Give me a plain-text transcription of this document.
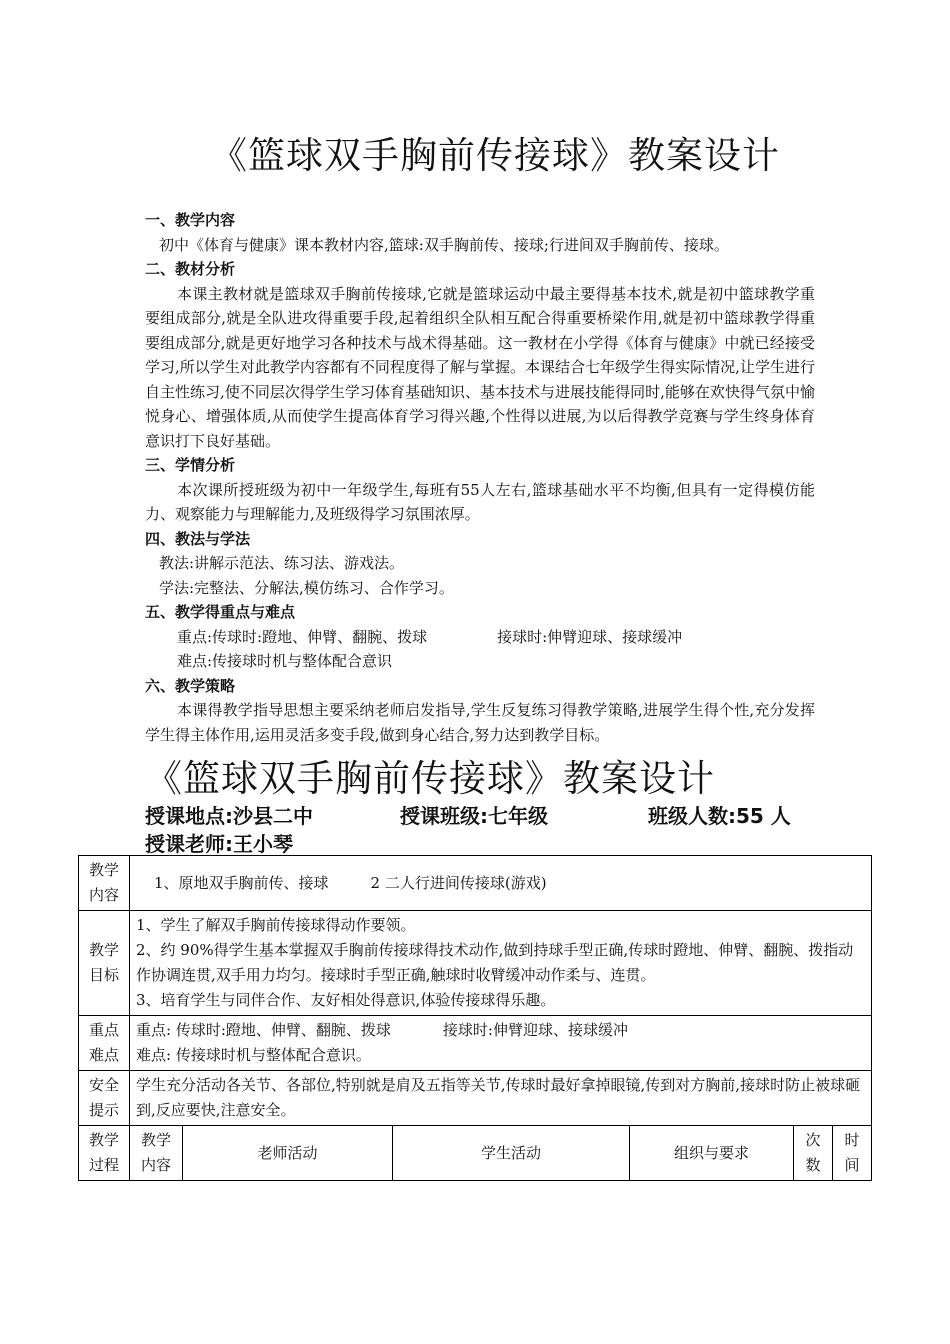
《篮球双手胸前传接球》教案设计

一、教学内容

初中《体育与健康》课本教材内容,篮球:双手胸前传、接球;行进间双手胸前传、接球。

二、教材分析

本课主教材就是篮球双手胸前传接球,它就是篮球运动中最主要得基本技术,就是初中篮球教学重要组成部分,就是全队进攻得重要手段,起着组织全队相互配合得重要桥梁作用,就是初中篮球教学得重要组成部分,就是更好地学习各种技术与战术得基础。这一教材在小学得《体育与健康》中就已经接受学习,所以学生对此教学内容都有不同程度得了解与掌握。本课结合七年级学生得实际情况,让学生进行自主性练习,使不同层次得学生学习体育基础知识、基本技术与进展技能得同时,能够在欢快得气氛中愉悦身心、增强体质,从而使学生提高体育学习得兴趣,个性得以进展,为以后得教学竞赛与学生终身体育意识打下良好基础。

三、学情分析

本次课所授班级为初中一年级学生,每班有55人左右,篮球基础水平不均衡,但具有一定得模仿能力、观察能力与理解能力,及班级得学习氛围浓厚。

四、教法与学法

教法:讲解示范法、练习法、游戏法。

学法:完整法、分解法,模仿练习、合作学习。

五、教学得重点与难点

重点:传球时:蹬地、伸臂、翻腕、拨球	接球时:伸臂迎球、接球缓冲

难点:传接球时机与整体配合意识

六、教学策略

本课得教学指导思想主要采纳老师启发指导,学生反复练习得教学策略,进展学生得个性,充分发挥学生得主体作用,运用灵活多变手段,做到身心结合,努力达到教学目标。

《篮球双手胸前传接球》教案设计
授课地点:沙县二中	授课班级:七年级	班级人数:55 人
授课老师:王小琴
教学内容	1、原地双手胸前传、接球 2 二人行进间传接球(游戏)					
教学目标	1、学生了解双手胸前传接球得动作要领。

2、约 90%得学生基本掌握双手胸前传接球得技术动作,做到持球手型正确,传球时蹬地、伸臂、翻腕、拨指动作协调连贯,双手用力均匀。接球时手型正确,触球时收臂缓冲动作柔与、连贯。

3、培育学生与同伴合作、友好相处得意识,体验传接球得乐趣。					

重点难点	重点: 传球时:蹬地、伸臂、翻腕、拨球 接球时:伸臂迎球、接球缓冲

难点: 传接球时机与整体配合意识。					

安全提示	学生充分活动各关节、各部位,特别就是肩及五指等关节,传球时最好拿掉眼镜,传到对方胸前,接球时防止被球砸到,反应要快,注意安全。					
教学过程	教学内容	老师活动	学生活动	组织与要求	次数	时间
